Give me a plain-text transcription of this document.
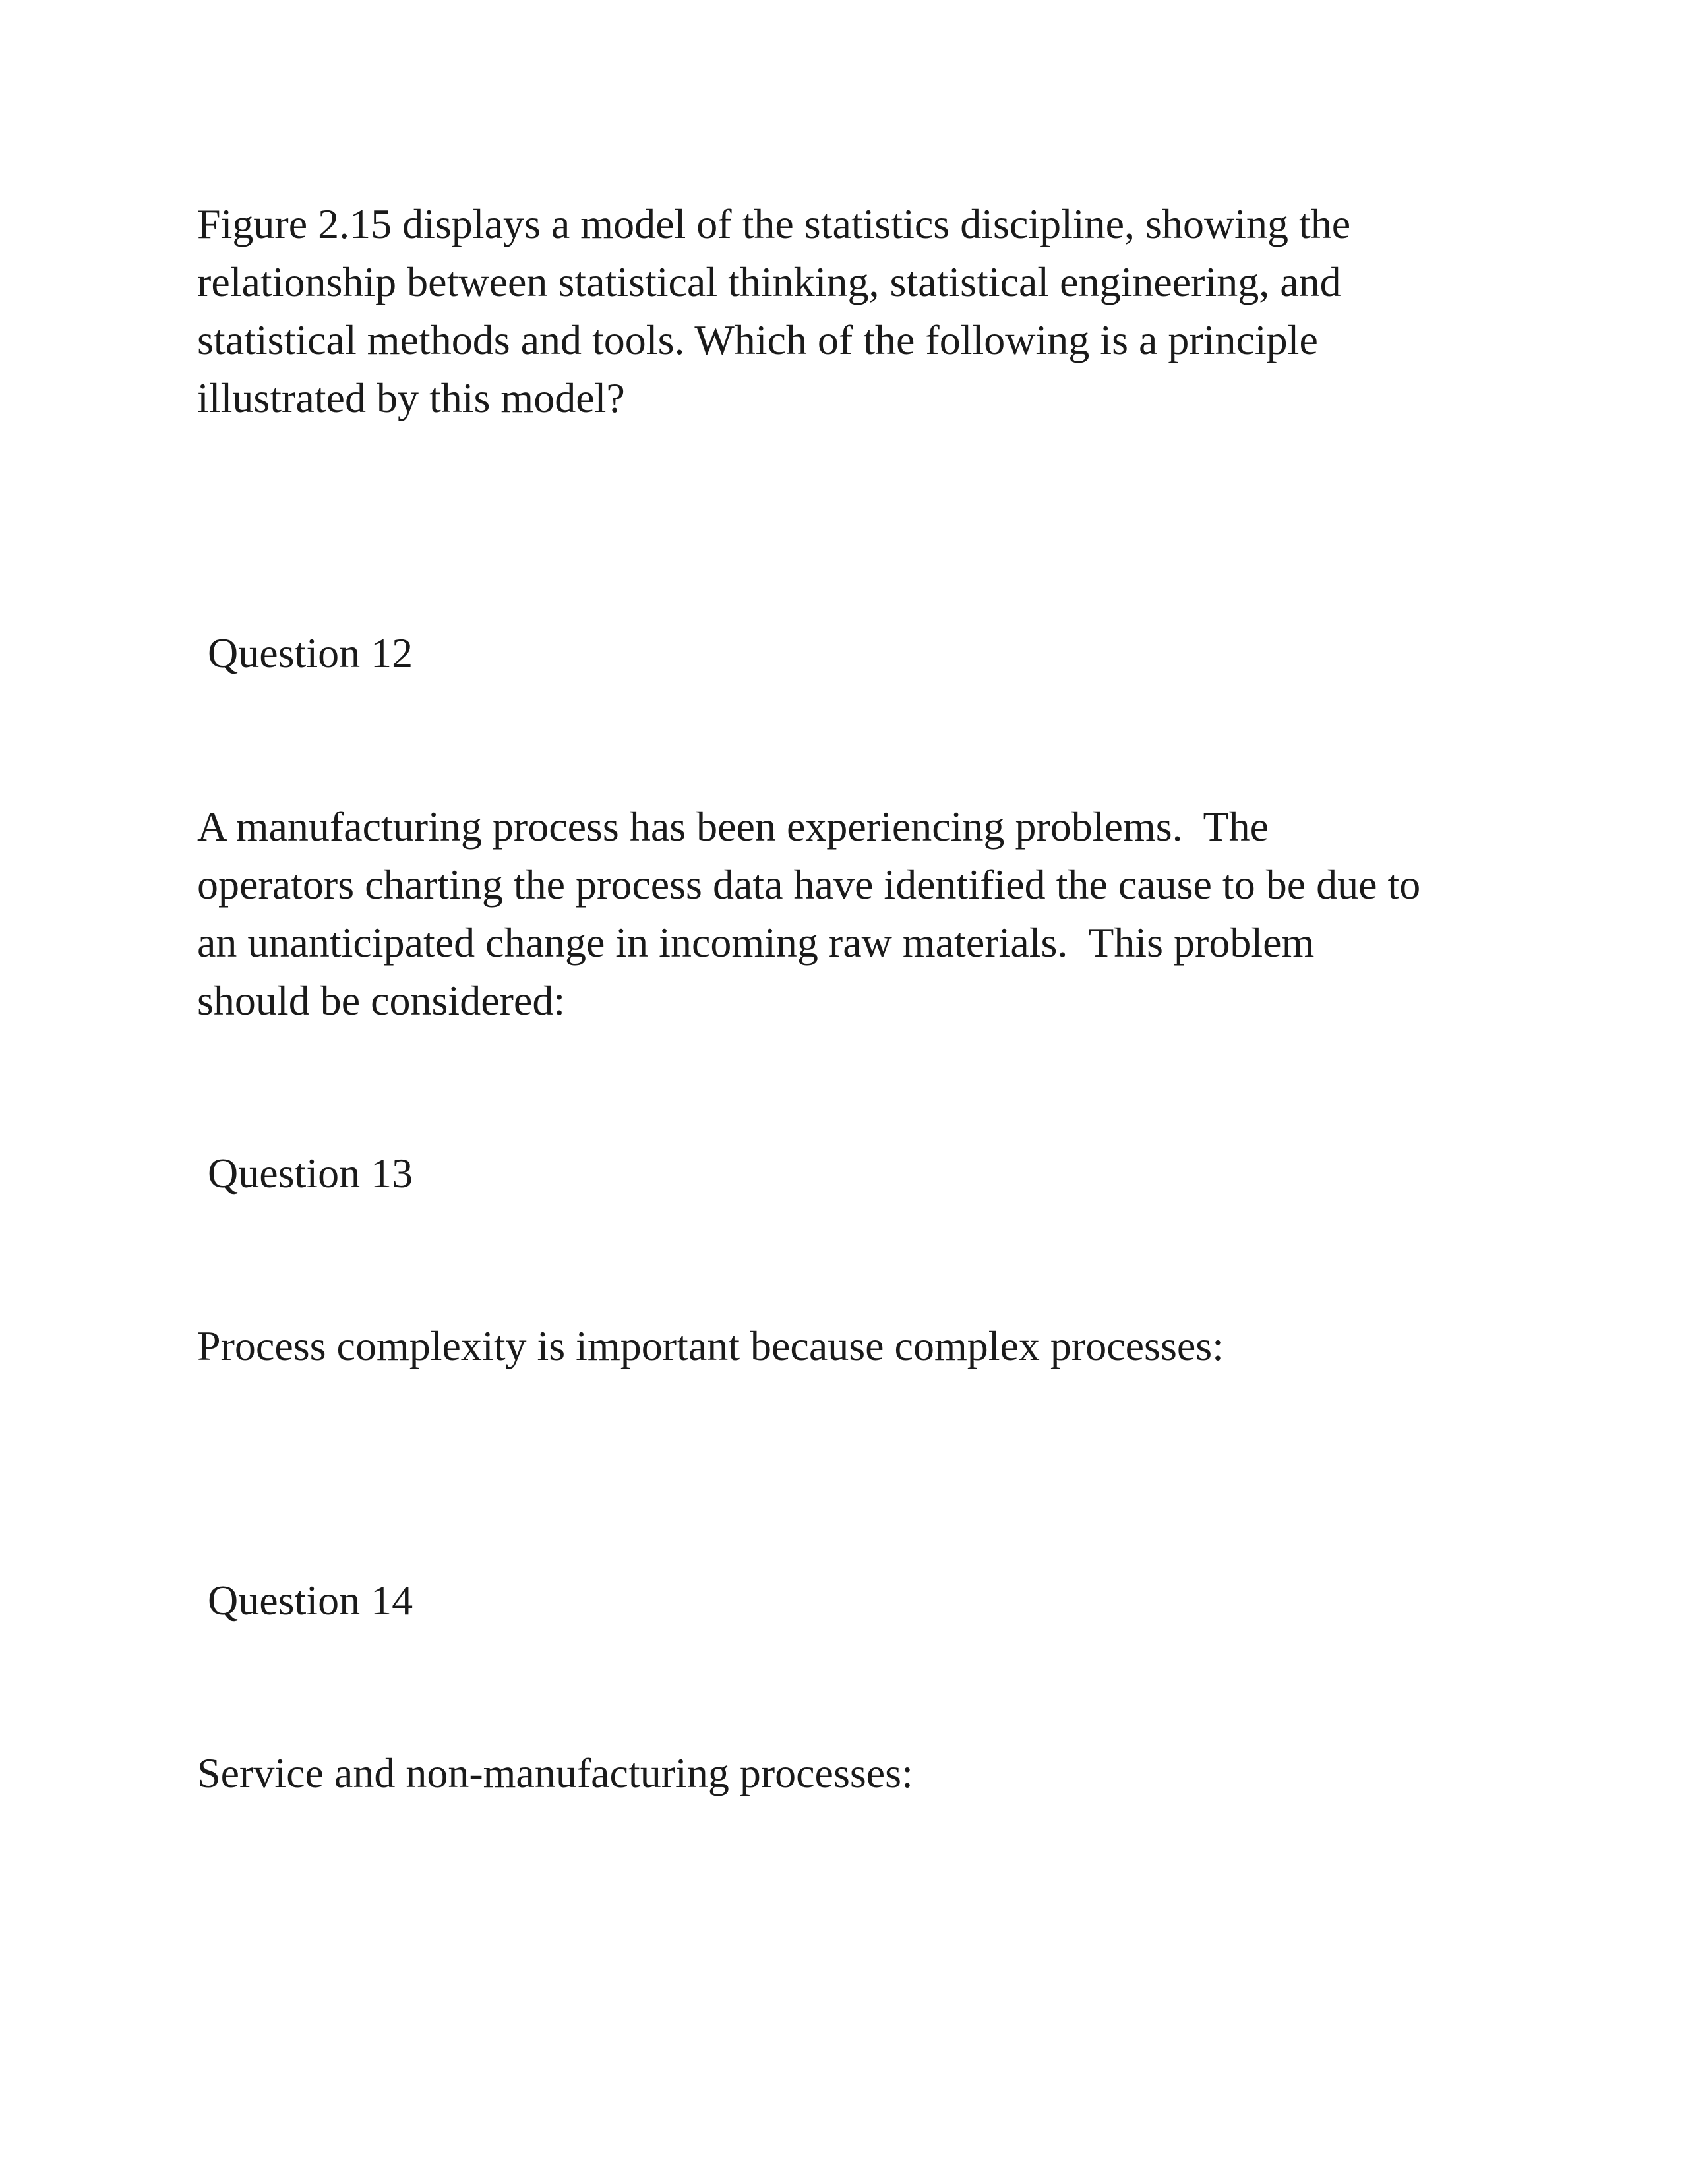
Figure 2.15 displays a model of the statistics discipline, showing the
relationship between statistical thinking, statistical engineering, and
statistical methods and tools. Which of the following is a principle
illustrated by this model?

Question 12

A manufacturing process has been experiencing problems.  The
operators charting the process data have identified the cause to be due to
an unanticipated change in incoming raw materials.  This problem
should be considered:

Question 13

Process complexity is important because complex processes:

Question 14

Service and non-manufacturing processes:
